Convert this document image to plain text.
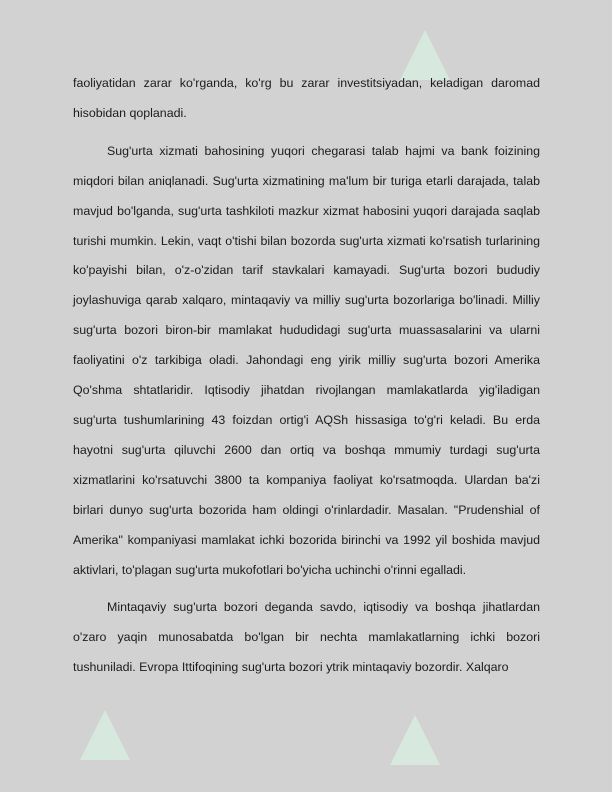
faoliyatidan zarar ko'rganda, ko'rg bu zarar investitsiyadan, keladigan daromad hisobidan qoplanadi.

Sug'urta xizmati bahosining yuqori chegarasi talab hajmi va bank foizining miqdori bilan aniqlanadi. Sug'urta xizmatining ma'lum bir turiga etarli darajada, talab mavjud bo'lganda, sug'urta tashkiloti mazkur xizmat habosini yuqori darajada saqlab turishi mumkin. Lekin, vaqt o'tishi bilan bozorda sug'urta xizmati ko'rsatish turlarining ko'payishi bilan, o'z-o'zidan tarif stavkalari kamayadi. Sug'urta bozori bududiy joylashuviga qarab xalqaro, mintaqaviy va milliy sug'urta bozorlariga bo'linadi. Milliy sug'urta bozori biron-bir mamlakat hududidagi sug'urta muassasalarini va ularni faoliyatini o'z tarkibiga oladi. Jahondagi eng yirik milliy sug'urta bozori Amerika Qo'shma shtatlaridir. Iqtisodiy jihatdan rivojlangan mamlakatlarda yig'iladigan sug'urta tushumlarining 43 foizdan ortig'i AQSh hissasiga to'g'ri keladi. Bu erda hayotni sug'urta qiluvchi 2600 dan ortiq va boshqa mmumiy turdagi sug'urta xizmatlarini ko'rsatuvchi 3800 ta kompaniya faoliyat ko'rsatmoqda. Ulardan ba'zi birlari dunyo sug'urta bozorida ham oldingi o'rinlardadir. Masalan. "Prudenshial of Amerika" kompaniyasi mamlakat ichki bozorida birinchi va 1992 yil boshida mavjud aktivlari, to'plagan sug'urta mukofotlari bo'yicha uchinchi o'rinni egalladi.

Mintaqaviy sug'urta bozori deganda savdo, iqtisodiy va boshqa jihatlardan o'zaro yaqin munosabatda bo'lgan bir nechta mamlakatlarning ichki bozori tushuniladi. Evropa Ittifoqining sug'urta bozori ytrik mintaqaviy bozordir. Xalqaro
